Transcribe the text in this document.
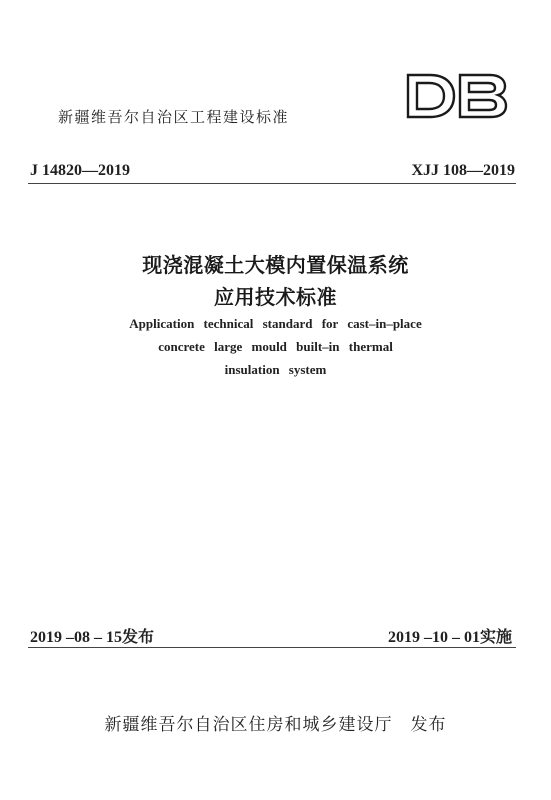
新疆维吾尔自治区工程建设标准
J 14820—2019	XJJ 108—2019
现浇混凝土大模内置保温系统
应用技术标准
Application technical standard for cast–in–place
concrete large mould built–in thermal
insulation system
2019 –08 – 15发布	2019 –10 – 01实施
新疆维吾尔自治区住房和城乡建设厅　发布
